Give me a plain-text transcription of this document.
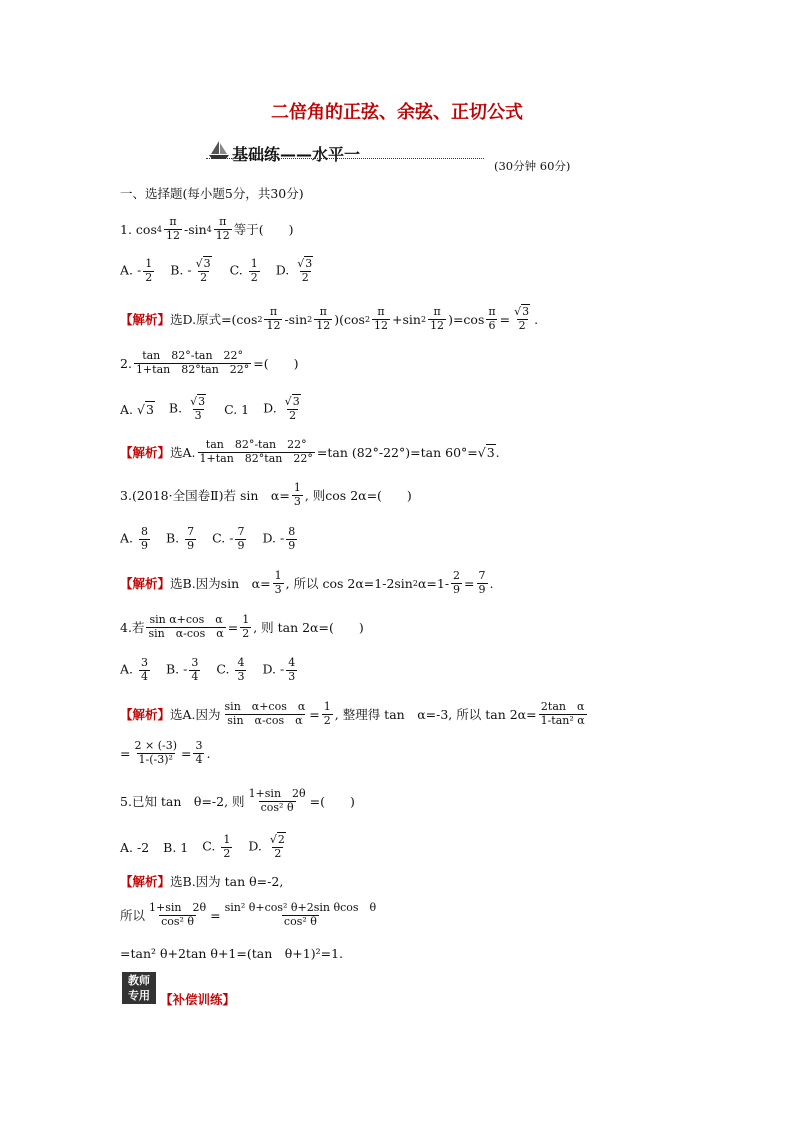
二倍角的正弦、余弦、正切公式
基础练——水平一
(30分钟 60分)
一、选择题(每小题5分，共30分)
1.
$\cos 4 \frac{\pi}{12}$ - $\sin 4 \frac{\pi}{12}$ 等于(　　)
A. - $\frac{1}{2} B$. - $\frac{√3}{2} C$. $\frac{1}{2} D$. $\frac{√3}{2}$
【解析】 选D.原式=(cos $2 \frac{\pi}{12} -\sin$ $2 \frac{\pi}{12} )(\cos$ $2 \frac{\pi}{12} +\sin$ $2 \frac{\pi}{12} )=\cos \frac{\pi}{6} = \frac{√3}{2}$ .
2. $\frac{\tan 82^\circ-\tan 22^\circ}{1+\tan 82^\circ\tan 22^\circ}$ =(　　)
A. √3 B. $\frac{√3}{3} C$. 1 D. $\frac{√3}{2}$
【解析】 选A. $\frac{\tan 82^\circ-\tan 22^\circ}{1+\tan 82^\circ\tan 22^\circ} =\tan$ (82°-22°)=tan 60°= √3 .
3. (2018·全国卷Ⅱ)若 sin　$\alpha= \frac{1}{3}$ , 则cos 2α=(　　)
A. $\frac{8}{9} B$. $\frac{7}{9} C$. - $\frac{7}{9} D$. - $\frac{8}{9}$
【解析】 选B.因为sin　$\alpha= \frac{1}{3}$ , 所以 cos 2α=1-2sin 2 $\alpha=1- \frac{2}{9} = \frac{7}{9}$ .
4. 若 $\frac{\text{sin α+cos　α}}{\text{sin　α-cos　α}} = \frac{1}{2}$ , 则 tan 2α=(　　)
A. $\frac{3}{4} B$. - $\frac{3}{4} C$. $\frac{4}{3} D$. - $\frac{4}{3}$
【解析】 选A.因为 $\frac{\text{sin　α+cos　α}}{\text{sin　α-cos　α}} = \frac{1}{2}$ , 整理得 tan　α=-3, 所以 $\tan 2\alpha= \frac{\text{2tan　α}}{\text{1-tan² α}}$
= $\frac{2 \times (-3)}{\text{1-(-3)²}} = \frac{3}{4}$ .
5. 已知 tan　θ=-2, 则 $\frac{1+\sin 2\theta}{\text{cos² θ}}$ =(　　)
A. -2 B. 1 C. $\frac{1}{2} D$. $\frac{√2}{2}$
【解析】 选B.因为 tan θ=-2,
所以 $\frac{1+\sin 2\theta}{\text{cos² θ}} = \frac{\text{sin² θ+cos² θ+2sin θcos　θ}}{\text{cos² θ}}$
=tan² θ+2tan θ+1=(tan　θ+1)²=1.
教师
专用 【补偿训练】
